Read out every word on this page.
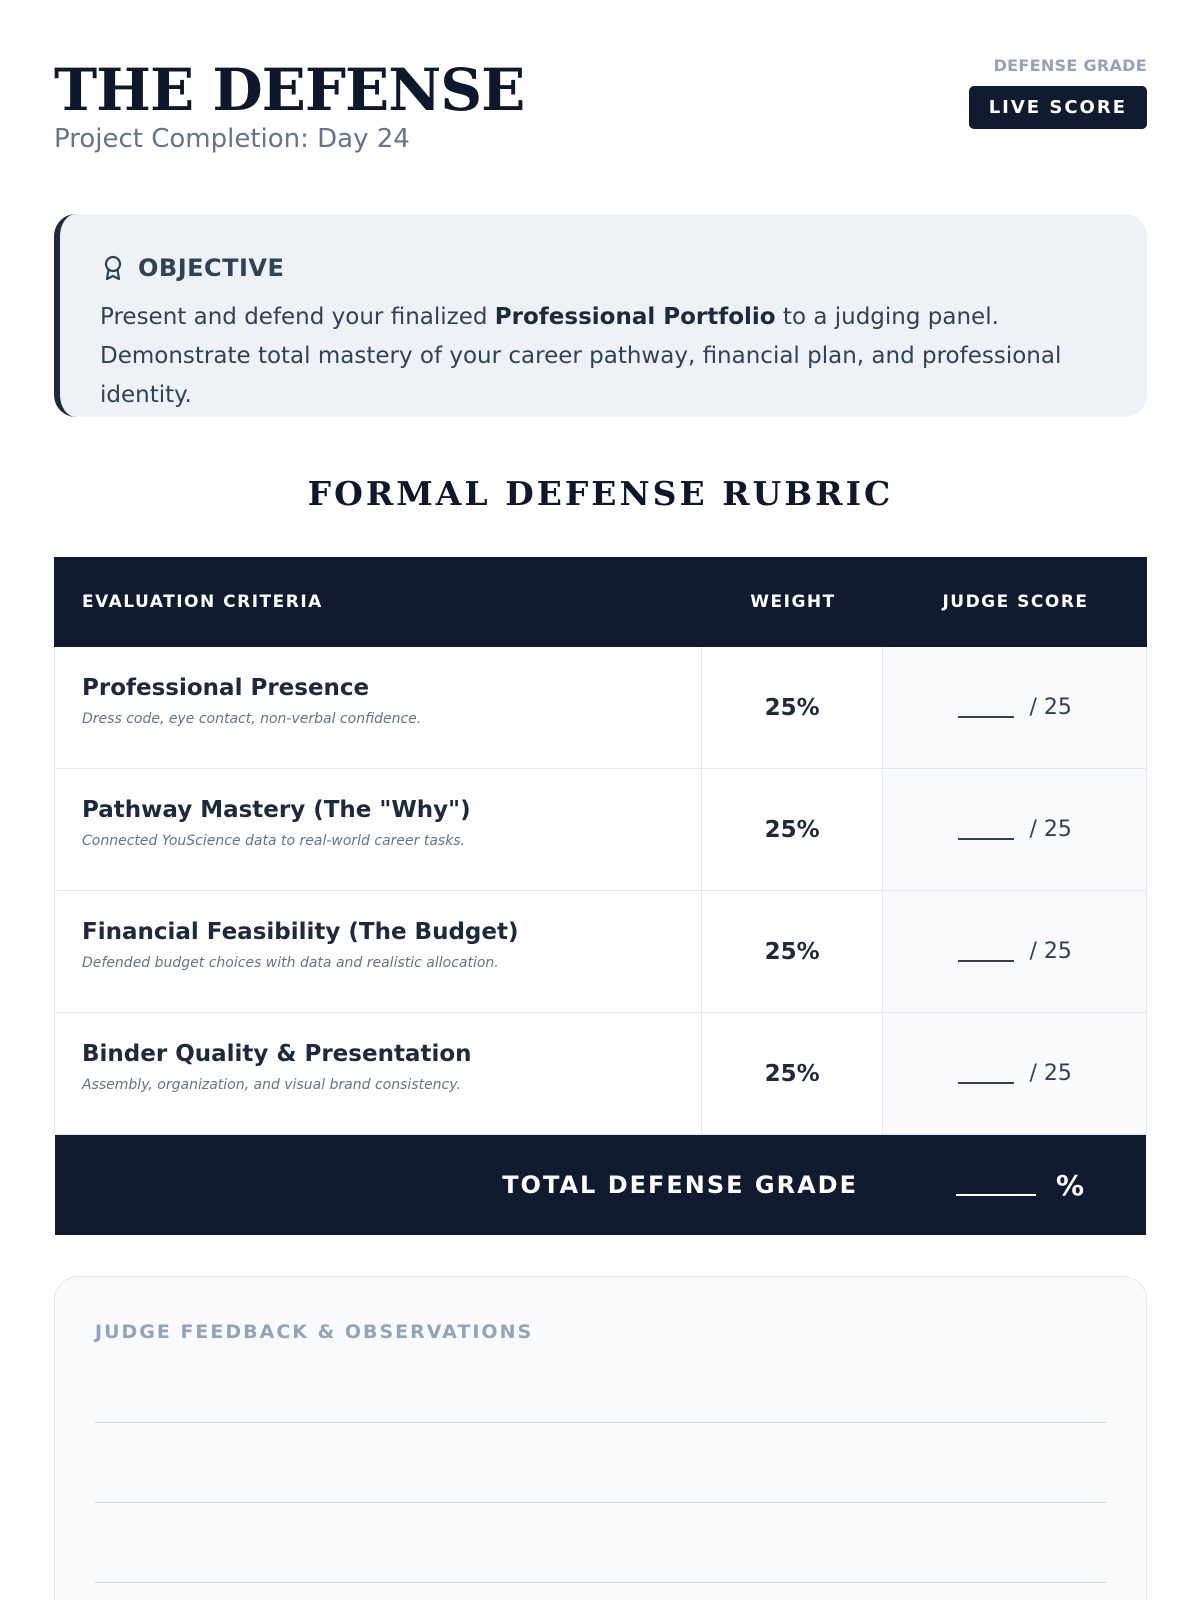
THE DEFENSE
Project Completion: Day 24
DEFENSE GRADE
LIVE SCORE
OBJECTIVE
Present and defend your finalized Professional Portfolio to a judging panel. Demonstrate total mastery of your career pathway, financial plan, and professional identity.
FORMAL DEFENSE RUBRIC
EVALUATION CRITERIA	WEIGHT	JUDGE SCORE
Professional Presence
Dress code, eye contact, non-verbal confidence.	25%	/ 25
Pathway Mastery (The "Why")
Connected YouScience data to real-world career tasks.	25%	/ 25
Financial Feasibility (The Budget)
Defended budget choices with data and realistic allocation.	25%	/ 25
Binder Quality & Presentation
Assembly, organization, and visual brand consistency.	25%	/ 25
TOTAL DEFENSE GRADE	%
JUDGE FEEDBACK & OBSERVATIONS
